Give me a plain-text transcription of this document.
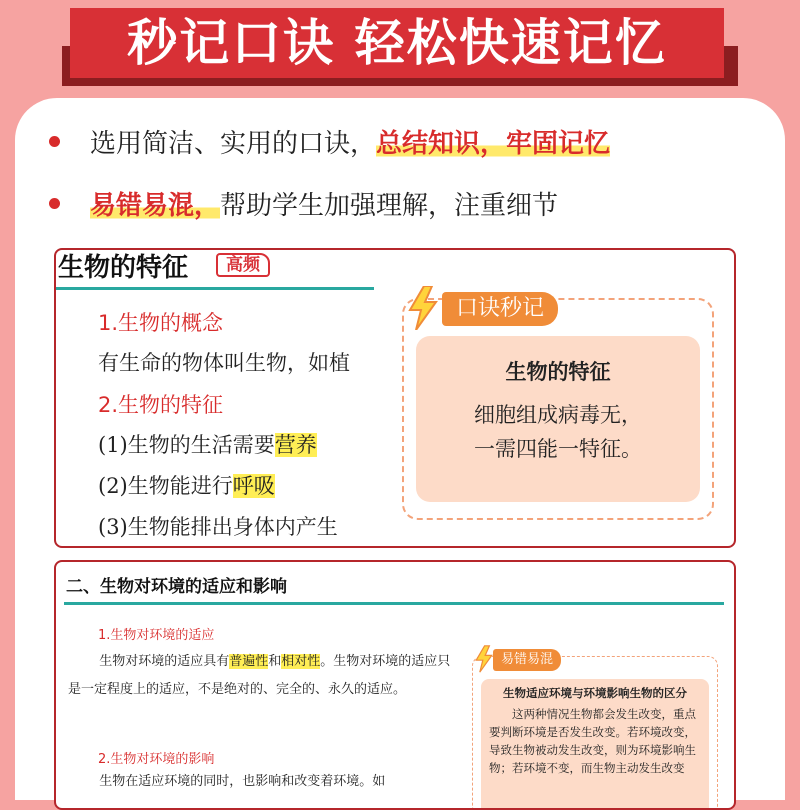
秒记口诀 轻松快速记忆
选用简洁、实用的口诀，总结知识，牢固记忆
易错易混，帮助学生加强理解，注重细节
生物的特征	高频
1.生物的概念
有生命的物体叫生物，如植
2.生物的特征
(1)生物的生活需要营养
(2)生物能进行呼吸
(3)生物能排出身体内产生
口诀秒记
生物的特征
细胞组成病毒无，
一需四能一特征。
二、生物对环境的适应和影响
1.生物对环境的适应
生物对环境的适应具有普遍性和相对性。生物对环境的适应只是一定程度上的适应，不是绝对的、完全的、永久的适应。
2.生物对环境的影响
生物在适应环境的同时，也影响和改变着环境。如
易错易混
生物适应环境与环境影响生物的区分
这两种情况生物都会发生改变，重点要判断环境是否发生改变。若环境改变，导致生物被动发生改变，则为环境影响生物；若环境不变，而生物主动发生改变
